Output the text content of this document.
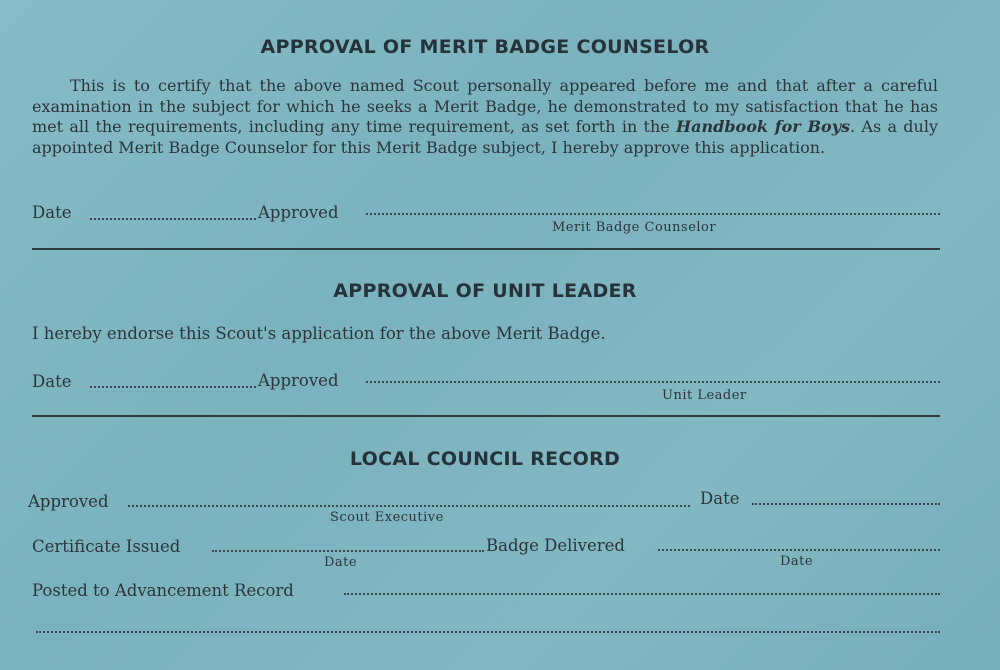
APPROVAL OF MERIT BADGE COUNSELOR
This is to certify that the above named Scout personally appeared before me and that after a careful examination in the subject for which he seeks a Merit Badge, he demonstrated to my satisfaction that he has met all the requirements, including any time requirement, as set forth in the Handbook for Boys. As a duly appointed Merit Badge Counselor for this Merit Badge subject, I hereby approve this application.
Date	Approved
Merit Badge Counselor
APPROVAL OF UNIT LEADER
I hereby endorse this Scout's application for the above Merit Badge.
Date	Approved
Unit Leader
LOCAL COUNCIL RECORD
Approved
Scout Executive
Date
Certificate Issued
Date
Badge Delivered
Date
Posted to Advancement Record
